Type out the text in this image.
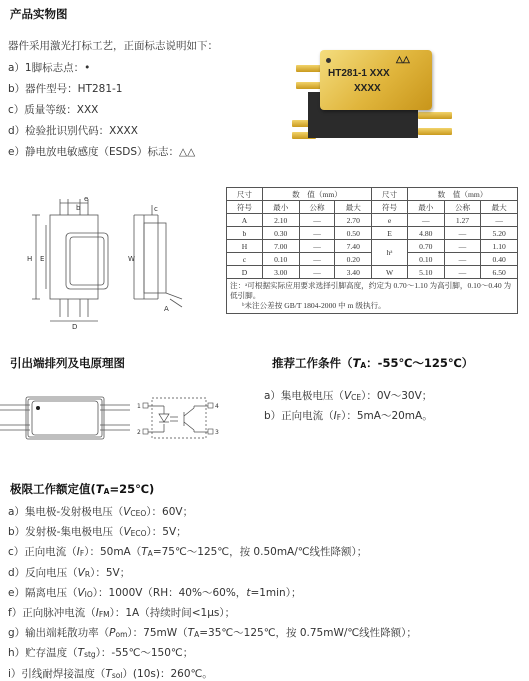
产品实物图
器件采用激光打标工艺，正面标志说明如下：
a）1脚标志点：•
b）器件型号：HT281-1
c）质量等级：XXX
d）检验批识别代码：XXXX
e）静电放电敏感度（ESDS）标志：△△
△△
HT281-1 XXX
XXXX
e
b
H E
D
W
c
A
尺寸	数　值（mm）			尺寸	数　值（mm）		
符号	最小	公称	最大	符号	最小	公称	最大
A	2.10	—	2.70	e	—	1.27	—
b	0.30	—	0.50	E	4.80	—	5.20
H	7.00	—	7.40	hᵃ	0.70	—	1.10
c	0.10	—	0.20		0.10	—	0.40
D	3.00	—	3.40	W	5.10	—	6.50

注：ᵃ可根据实际应用要求选择引脚高度，约定为 0.70～1.10 为高引脚，0.10～0.40 为低引脚。
ᵇ未注公差按 GB/T 1804-2000 中 m 级执行。							
引出端排列及电原理图
1
2
4
3
推荐工作条件（TA：-55℃～125℃）
a）集电极电压（VCE）：0V～30V；
b）正向电流（IF）：5mA～20mA。
极限工作额定值(TA=25℃)
a）集电极-发射极电压（VCEO）：60V；
b）发射极-集电极电压（VECO）：5V；
c）正向电流（IF）：50mA（TA=75℃～125℃，按 0.50mA/℃线性降额）；
d）反向电压（VR）：5V；
e）隔离电压（VIO）：1000V（RH：40%～60%，t=1min）；
f）正向脉冲电流（IFM）：1A（持续时间<1μs）；
g）输出端耗散功率（Pom）：75mW（TA=35℃～125℃，按 0.75mW/℃线性降额）；
h）贮存温度（Tstg）：-55℃～150℃；
i）引线耐焊接温度（Tsol）(10s)：260℃。
